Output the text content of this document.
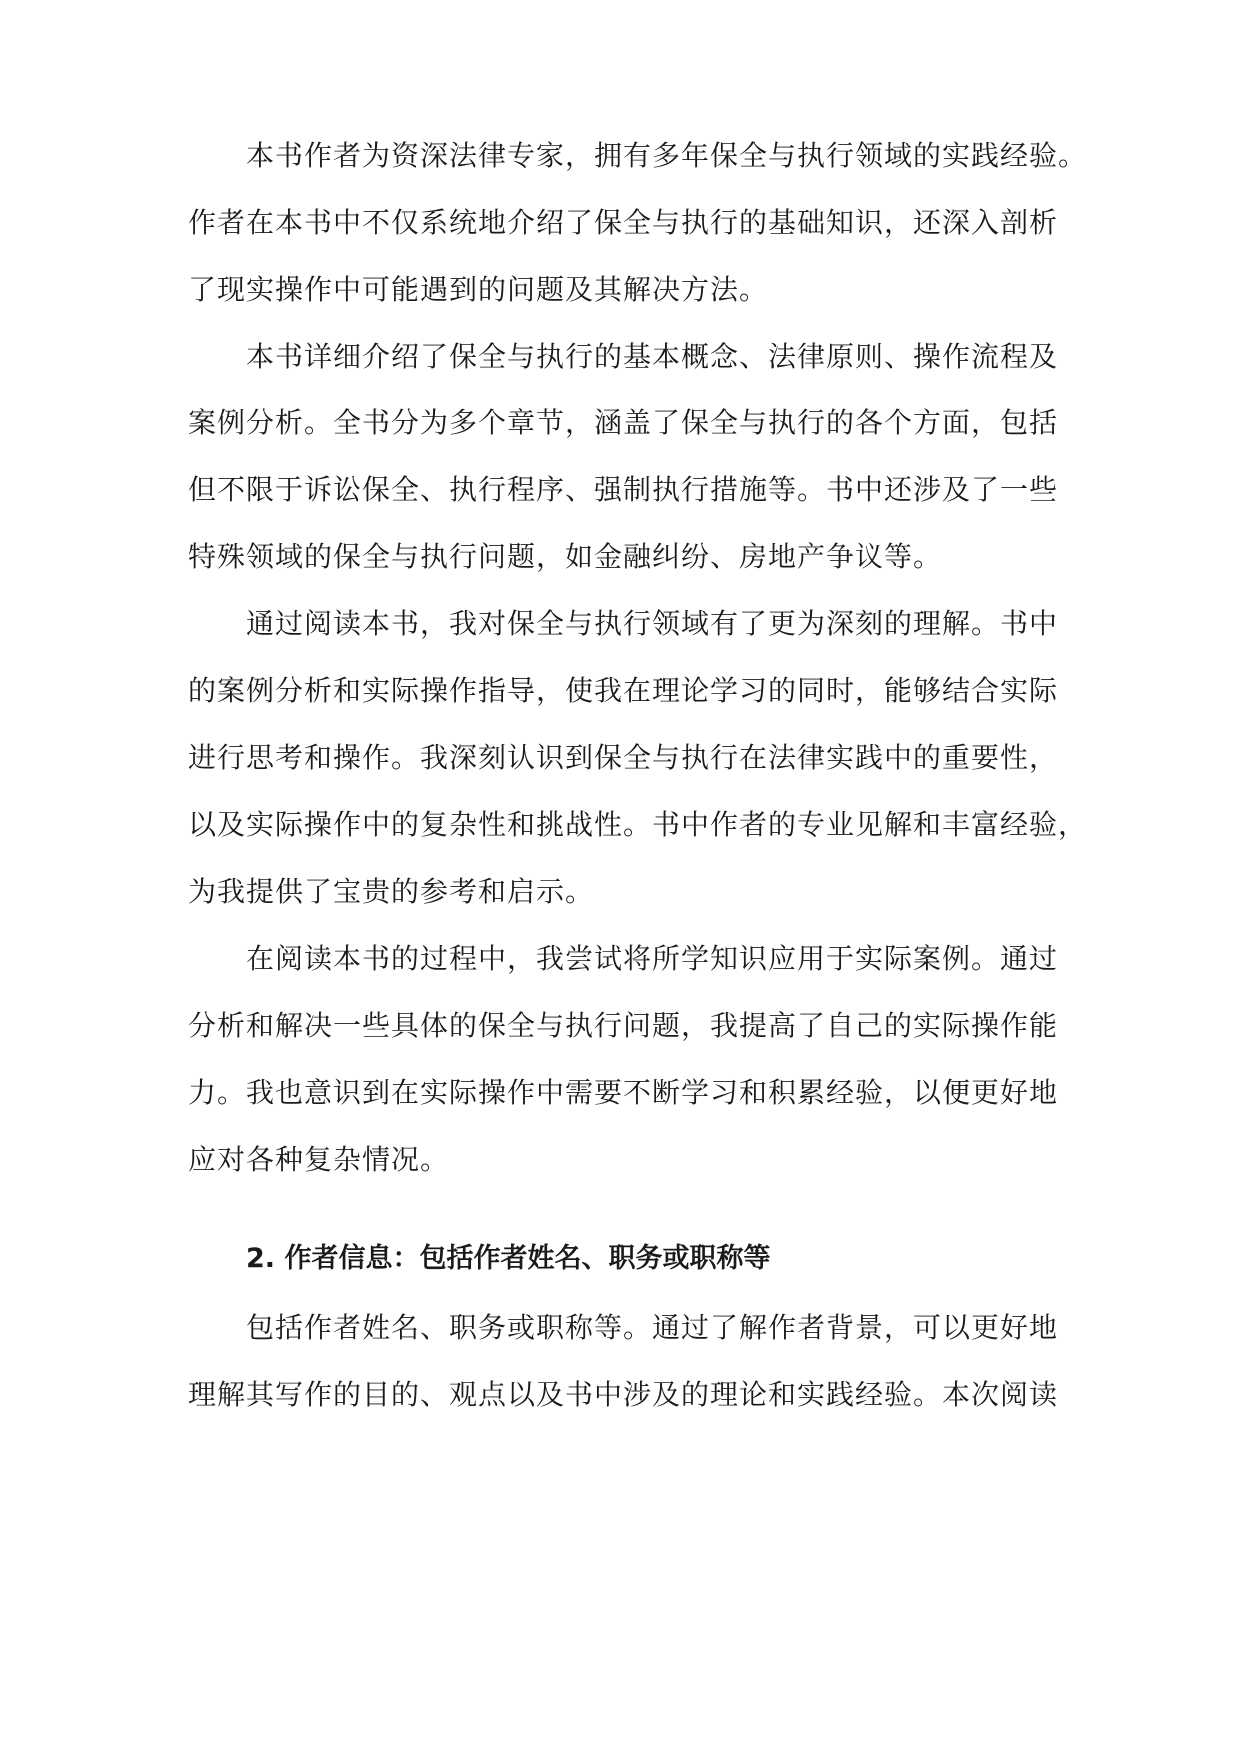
本书作者为资深法律专家，拥有多年保全与执行领域的实践经验。
作者在本书中不仅系统地介绍了保全与执行的基础知识，还深入剖析
了现实操作中可能遇到的问题及其解决方法。
本书详细介绍了保全与执行的基本概念、法律原则、操作流程及
案例分析。全书分为多个章节，涵盖了保全与执行的各个方面，包括
但不限于诉讼保全、执行程序、强制执行措施等。书中还涉及了一些
特殊领域的保全与执行问题，如金融纠纷、房地产争议等。
通过阅读本书，我对保全与执行领域有了更为深刻的理解。书中
的案例分析和实际操作指导，使我在理论学习的同时，能够结合实际
进行思考和操作。我深刻认识到保全与执行在法律实践中的重要性，
以及实际操作中的复杂性和挑战性。书中作者的专业见解和丰富经验，
为我提供了宝贵的参考和启示。
在阅读本书的过程中，我尝试将所学知识应用于实际案例。通过
分析和解决一些具体的保全与执行问题，我提高了自己的实际操作能
力。我也意识到在实际操作中需要不断学习和积累经验，以便更好地
应对各种复杂情况。
2. 作者信息：包括作者姓名、职务或职称等
包括作者姓名、职务或职称等。通过了解作者背景，可以更好地
理解其写作的目的、观点以及书中涉及的理论和实践经验。本次阅读
